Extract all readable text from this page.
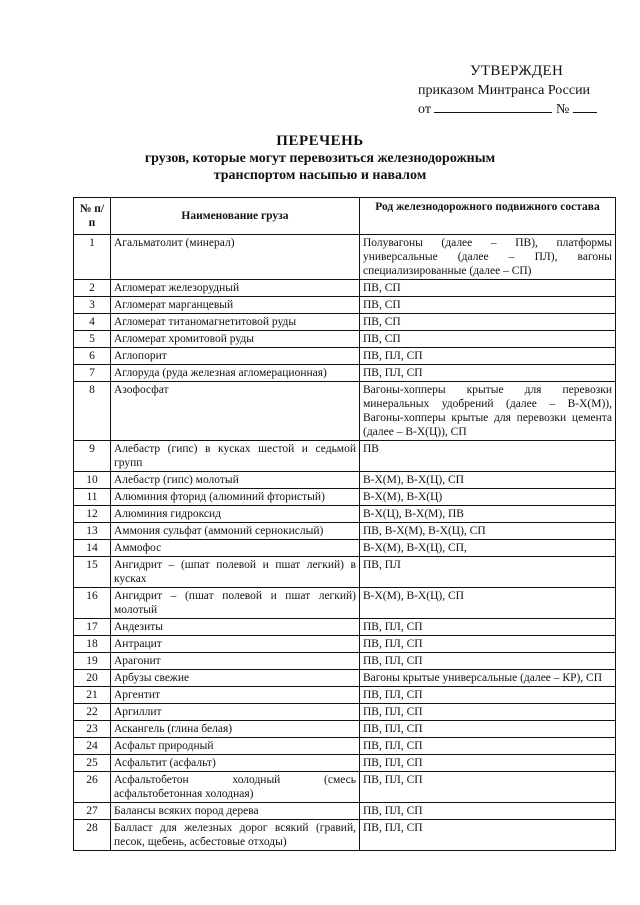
УТВЕРЖДЕН
приказом Минтранса России
от	№
ПЕРЕЧЕНЬ
грузов, которые могут перевозиться железнодорожным
транспортом насыпью и навалом
№ п/п	Наименование груза	Род железнодорожного подвижного состава
1	Агальматолит (минерал)	Полувагоны (далее – ПВ), платформы универсальные (далее – ПЛ), вагоны специализированные (далее – СП)
2	Агломерат железорудный	ПВ, СП
3	Агломерат марганцевый	ПВ, СП
4	Агломерат титаномагнетитовой руды	ПВ, СП
5	Агломерат хромитовой руды	ПВ, СП
6	Аглопорит	ПВ, ПЛ, СП
7	Аглоруда (руда железная агломерационная)	ПВ, ПЛ, СП
8	Азофосфат	Вагоны-хопперы крытые для перевозки минеральных удобрений (далее – В-Х(М)), Вагоны-хопперы крытые для перевозки цемента (далее – В-Х(Ц)), СП
9	Алебастр (гипс) в кусках шестой и седьмой групп	ПВ
10	Алебастр (гипс) молотый	В-Х(М), В-Х(Ц), СП
11	Алюминия фторид (алюминий фтористый)	В-Х(М), В-Х(Ц)
12	Алюминия гидроксид	В-Х(Ц), В-Х(М), ПВ
13	Аммония сульфат (аммоний сернокислый)	ПВ, В-Х(М), В-Х(Ц), СП
14	Аммофос	В-Х(М), В-Х(Ц), СП,
15	Ангидрит – (шпат полевой и пшат легкий) в кусках	ПВ, ПЛ
16	Ангидрит – (пшат полевой и пшат легкий) молотый	В-Х(М), В-Х(Ц), СП
17	Андезиты	ПВ, ПЛ, СП
18	Антрацит	ПВ, ПЛ, СП
19	Арагонит	ПВ, ПЛ, СП
20	Арбузы свежие	Вагоны крытые универсальные (далее – КР), СП
21	Аргентит	ПВ, ПЛ, СП
22	Аргиллит	ПВ, ПЛ, СП
23	Аскангель (глина белая)	ПВ, ПЛ, СП
24	Асфальт природный	ПВ, ПЛ, СП
25	Асфальтит (асфальт)	ПВ, ПЛ, СП
26	Асфальтобетон холодный (смесь асфальтобетонная холодная)	ПВ, ПЛ, СП
27	Балансы всяких пород дерева	ПВ, ПЛ, СП
28	Балласт для железных дорог всякий (гравий, песок, щебень, асбестовые отходы)	ПВ, ПЛ, СП
